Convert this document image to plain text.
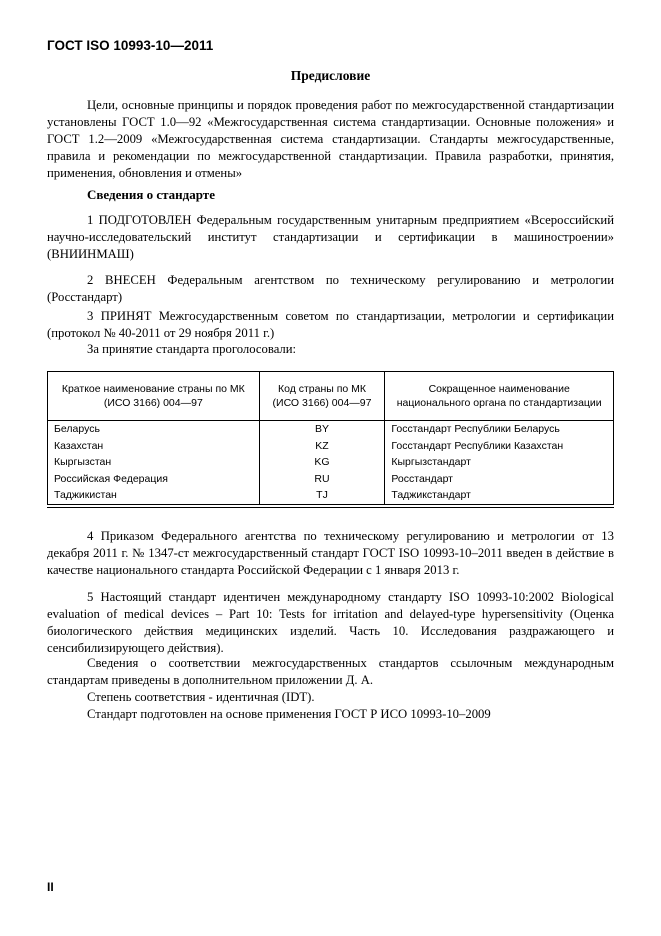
ГОСТ ISO 10993-10—2011
Предисловие
Цели, основные принципы и порядок проведения работ по межгосударственной стандартизации установлены ГОСТ 1.0—92 «Межгосударственная система стандартизации. Основные положения» и ГОСТ 1.2—2009 «Межгосударственная система стандартизации. Стандарты межгосударственные, правила и рекомендации по межгосударственной стандартизации. Правила разработки, принятия, применения, обновления и отмены»
Сведения о стандарте
1 ПОДГОТОВЛЕН Федеральным государственным унитарным предприятием «Всероссийский научно-исследовательский институт стандартизации и сертификации в машиностроении» (ВНИИНМАШ)
2 ВНЕСЕН Федеральным агентством по техническому регулированию и метрологии (Росстандарт)
3 ПРИНЯТ Межгосударственным советом по стандартизации, метрологии и сертификации (протокол № 40-2011 от 29 ноября 2011 г.)
За принятие стандарта проголосовали:
Краткое наименование страны по МК (ИСО 3166) 004—97	Код страны по МК (ИСО 3166) 004—97	Сокращенное наименование национального органа по стандартизации
Беларусь	BY	Госстандарт Республики Беларусь
Казахстан	KZ	Госстандарт Республики Казахстан
Кыргызстан	KG	Кыргызстандарт
Российская Федерация	RU	Росстандарт
Таджикистан	TJ	Таджикстандарт
4 Приказом Федерального агентства по техническому регулированию и метрологии от 13 декабря 2011 г. № 1347-ст межгосударственный стандарт ГОСТ ISO 10993-10–2011 введен в действие в качестве национального стандарта Российской Федерации с 1 января 2013 г.
5 Настоящий стандарт идентичен международному стандарту ISO 10993-10:2002 Biological evaluation of medical devices – Part 10: Tests for irritation and delayed-type hypersensitivity (Оценка биологического действия медицинских изделий. Часть 10. Исследования раздражающего и сенсибилизирующего действия).
Сведения о соответствии межгосударственных стандартов ссылочным международным стандартам приведены в дополнительном приложении Д. А.
Степень соответствия - идентичная (IDT).
Стандарт подготовлен на основе применения ГОСТ Р ИСО 10993-10–2009
II
